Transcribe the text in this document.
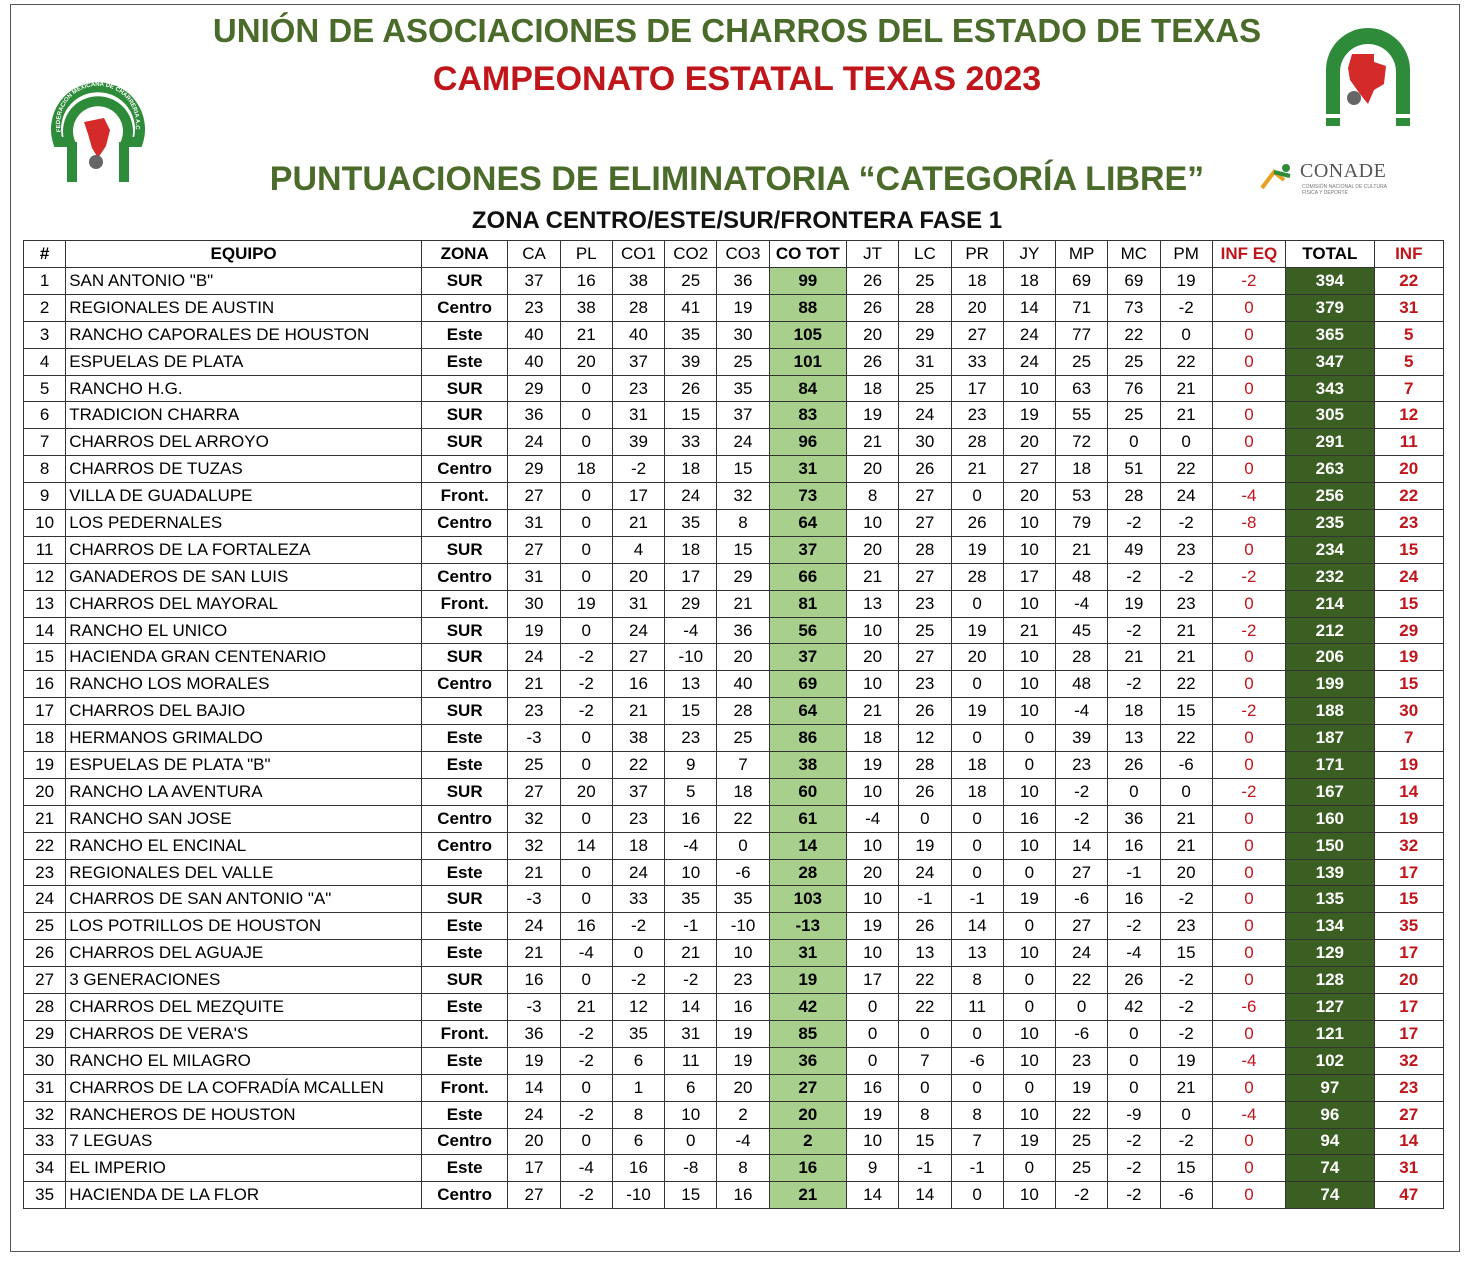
UNIÓN DE ASOCIACIONES DE CHARROS DEL ESTADO DE TEXAS
CAMPEONATO ESTATAL TEXAS 2023
FEDERACION MEXICANA DE CHARRERIA A.C
PUNTUACIONES DE ELIMINATORIA “CATEGORÍA LIBRE”	CONADE
COMISIÓN NACIONAL DE CULTURA FÍSICA Y DEPORTE
ZONA CENTRO/ESTE/SUR/FRONTERA FASE 1
#	EQUIPO	ZONA	CA	PL	CO1	CO2	CO3	CO TOT	JT	LC	PR	JY	MP	MC	PM	INF EQ	TOTAL	INF
1	SAN ANTONIO "B"	SUR	37	16	38	25	36	99	26	25	18	18	69	69	19	-2	394	22
2	REGIONALES DE AUSTIN	Centro	23	38	28	41	19	88	26	28	20	14	71	73	-2	0	379	31
3	RANCHO CAPORALES DE HOUSTON	Este	40	21	40	35	30	105	20	29	27	24	77	22	0	0	365	5
4	ESPUELAS DE PLATA	Este	40	20	37	39	25	101	26	31	33	24	25	25	22	0	347	5
5	RANCHO H.G.	SUR	29	0	23	26	35	84	18	25	17	10	63	76	21	0	343	7
6	TRADICION CHARRA	SUR	36	0	31	15	37	83	19	24	23	19	55	25	21	0	305	12
7	CHARROS DEL ARROYO	SUR	24	0	39	33	24	96	21	30	28	20	72	0	0	0	291	11
8	CHARROS DE TUZAS	Centro	29	18	-2	18	15	31	20	26	21	27	18	51	22	0	263	20
9	VILLA DE GUADALUPE	Front.	27	0	17	24	32	73	8	27	0	20	53	28	24	-4	256	22
10	LOS PEDERNALES	Centro	31	0	21	35	8	64	10	27	26	10	79	-2	-2	-8	235	23
11	CHARROS DE LA FORTALEZA	SUR	27	0	4	18	15	37	20	28	19	10	21	49	23	0	234	15
12	GANADEROS DE SAN LUIS	Centro	31	0	20	17	29	66	21	27	28	17	48	-2	-2	-2	232	24
13	CHARROS DEL MAYORAL	Front.	30	19	31	29	21	81	13	23	0	10	-4	19	23	0	214	15
14	RANCHO EL UNICO	SUR	19	0	24	-4	36	56	10	25	19	21	45	-2	21	-2	212	29
15	HACIENDA GRAN CENTENARIO	SUR	24	-2	27	-10	20	37	20	27	20	10	28	21	21	0	206	19
16	RANCHO LOS MORALES	Centro	21	-2	16	13	40	69	10	23	0	10	48	-2	22	0	199	15
17	CHARROS DEL BAJIO	SUR	23	-2	21	15	28	64	21	26	19	10	-4	18	15	-2	188	30
18	HERMANOS GRIMALDO	Este	-3	0	38	23	25	86	18	12	0	0	39	13	22	0	187	7
19	ESPUELAS DE PLATA "B"	Este	25	0	22	9	7	38	19	28	18	0	23	26	-6	0	171	19
20	RANCHO LA AVENTURA	SUR	27	20	37	5	18	60	10	26	18	10	-2	0	0	-2	167	14
21	RANCHO SAN JOSE	Centro	32	0	23	16	22	61	-4	0	0	16	-2	36	21	0	160	19
22	RANCHO EL ENCINAL	Centro	32	14	18	-4	0	14	10	19	0	10	14	16	21	0	150	32
23	REGIONALES DEL VALLE	Este	21	0	24	10	-6	28	20	24	0	0	27	-1	20	0	139	17
24	CHARROS DE SAN ANTONIO "A"	SUR	-3	0	33	35	35	103	10	-1	-1	19	-6	16	-2	0	135	15
25	LOS POTRILLOS DE HOUSTON	Este	24	16	-2	-1	-10	-13	19	26	14	0	27	-2	23	0	134	35
26	CHARROS DEL AGUAJE	Este	21	-4	0	21	10	31	10	13	13	10	24	-4	15	0	129	17
27	3 GENERACIONES	SUR	16	0	-2	-2	23	19	17	22	8	0	22	26	-2	0	128	20
28	CHARROS DEL MEZQUITE	Este	-3	21	12	14	16	42	0	22	11	0	0	42	-2	-6	127	17
29	CHARROS DE VERA'S	Front.	36	-2	35	31	19	85	0	0	0	10	-6	0	-2	0	121	17
30	RANCHO EL MILAGRO	Este	19	-2	6	11	19	36	0	7	-6	10	23	0	19	-4	102	32
31	CHARROS DE LA COFRADÍA MCALLEN	Front.	14	0	1	6	20	27	16	0	0	0	19	0	21	0	97	23
32	RANCHEROS DE HOUSTON	Este	24	-2	8	10	2	20	19	8	8	10	22	-9	0	-4	96	27
33	7 LEGUAS	Centro	20	0	6	0	-4	2	10	15	7	19	25	-2	-2	0	94	14
34	EL IMPERIO	Este	17	-4	16	-8	8	16	9	-1	-1	0	25	-2	15	0	74	31
35	HACIENDA DE LA FLOR	Centro	27	-2	-10	15	16	21	14	14	0	10	-2	-2	-6	0	74	47
